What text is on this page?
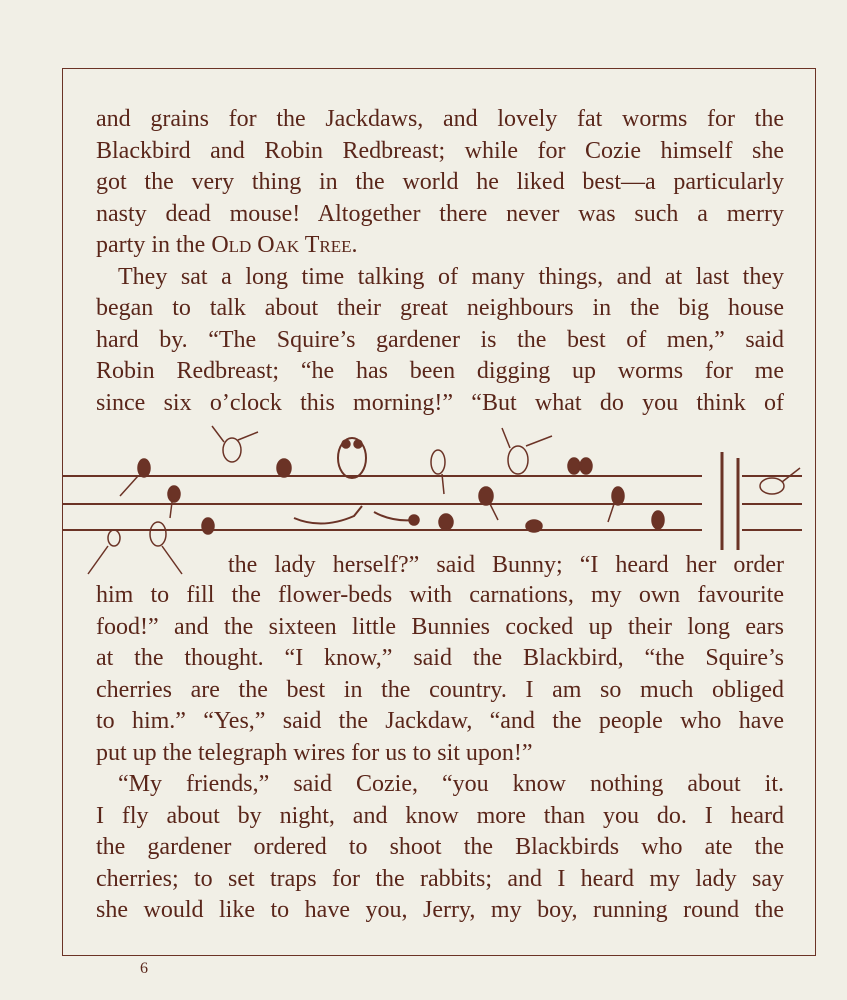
and grains for the Jackdaws, and lovely fat worms for the
Blackbird and Robin Redbreast; while for Cozie himself she
got the very thing in the world he liked best—a particularly
nasty dead mouse! Altogether there never was such a merry
party in the Old Oak Tree.
They sat a long time talking of many things, and at last they
began to talk about their great neighbours in the big house
hard by. “The Squire’s gardener is the best of men,” said
Robin Redbreast; “he has been digging up worms for me
since six o’clock this morning!” “But what do you think of
the lady herself?” said Bunny; “I heard her order
him to fill the flower-beds with carnations, my own favourite
food!” and the sixteen little Bunnies cocked up their long ears
at the thought. “I know,” said the Blackbird, “the Squire’s
cherries are the best in the country. I am so much obliged
to him.” “Yes,” said the Jackdaw, “and the people who have
put up the telegraph wires for us to sit upon!”
“My friends,” said Cozie, “you know nothing about it.
I fly about by night, and know more than you do. I heard
the gardener ordered to shoot the Blackbirds who ate the
cherries; to set traps for the rabbits; and I heard my lady say
she would like to have you, Jerry, my boy, running round the
6
